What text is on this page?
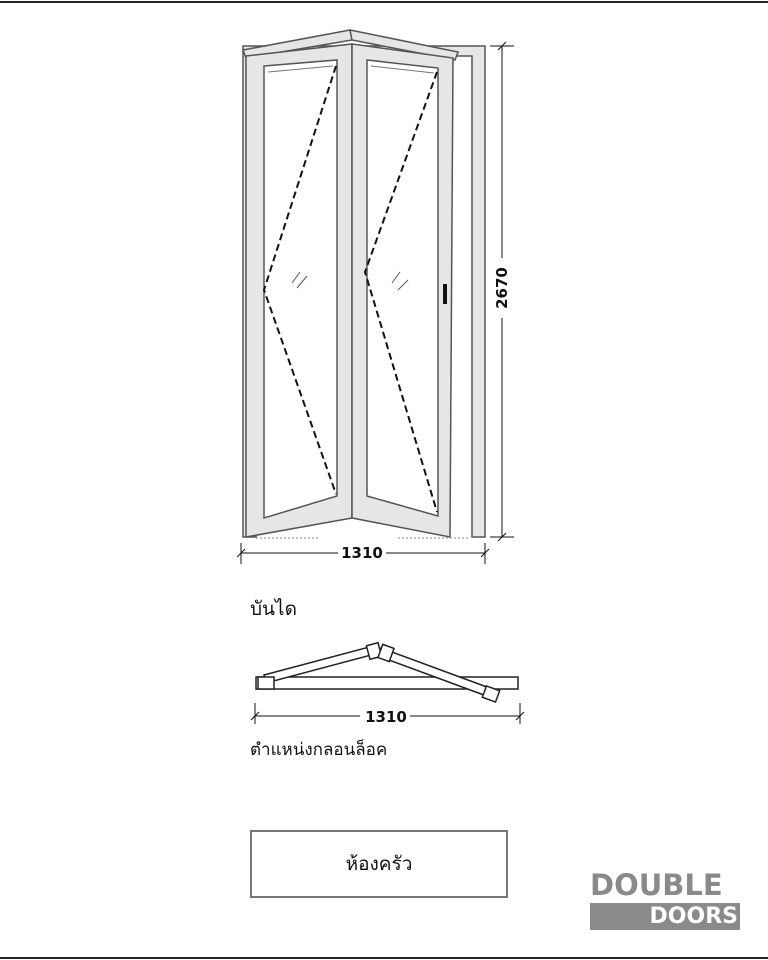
1310
2670
1310
บันได
ตำแหน่งกลอนล็อค
ห้องครัว
DOUBLE
DOORS
